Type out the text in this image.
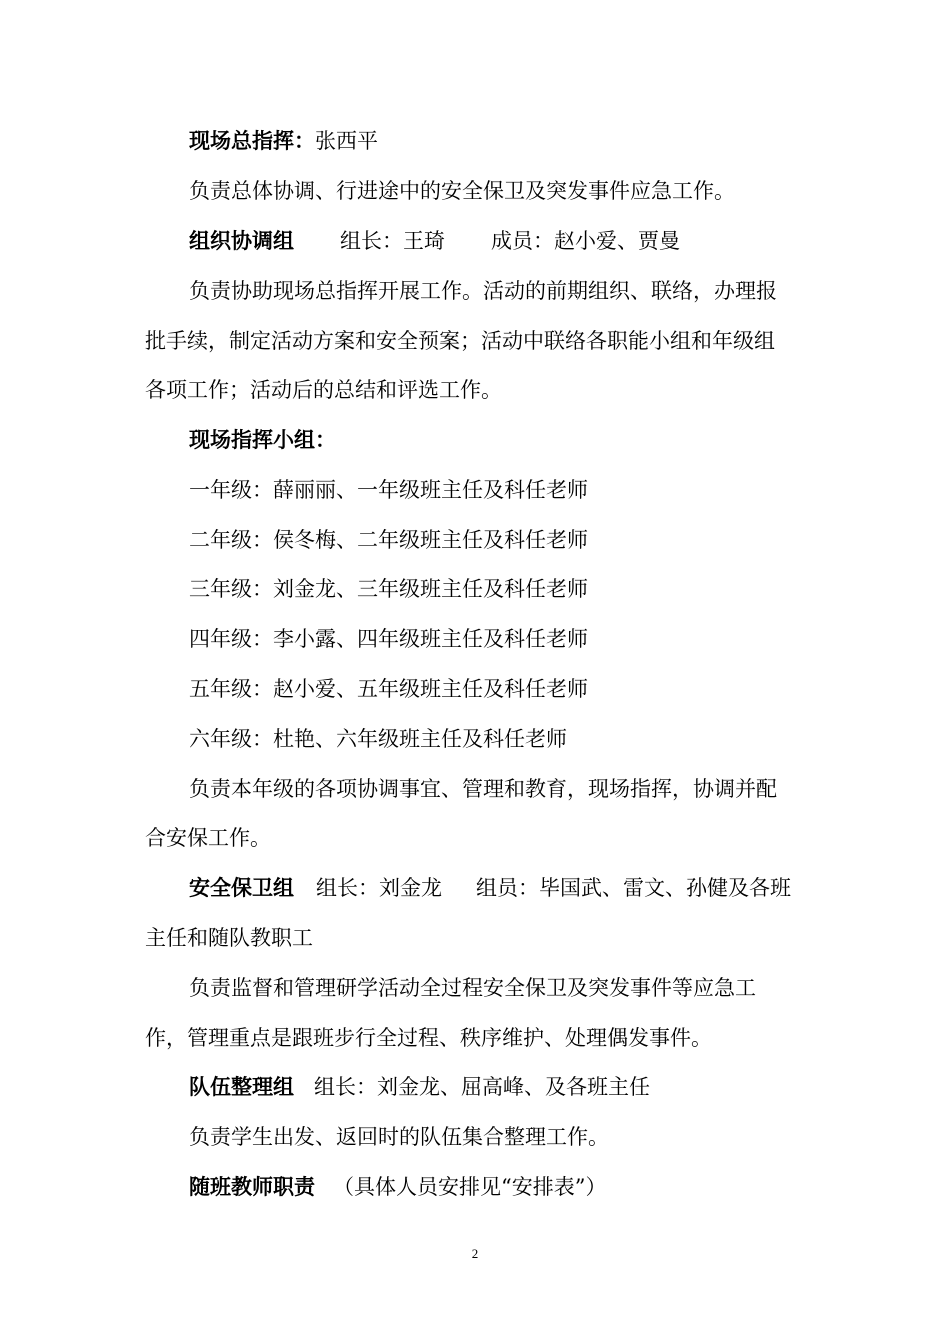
现场总指挥：张西平
负责总体协调、行进途中的安全保卫及突发事件应急工作。
组织协调组 组长：王琦 成员：赵小爱、贾曼
负责协助现场总指挥开展工作。活动的前期组织、联络，办理报
批手续，制定活动方案和安全预案；活动中联络各职能小组和年级组
各项工作；活动后的总结和评选工作。
现场指挥小组：
一年级：薛丽丽、一年级班主任及科任老师
二年级：侯冬梅、二年级班主任及科任老师
三年级：刘金龙、三年级班主任及科任老师
四年级：李小露、四年级班主任及科任老师
五年级：赵小爱、五年级班主任及科任老师
六年级：杜艳、六年级班主任及科任老师
负责本年级的各项协调事宜、管理和教育，现场指挥，协调并配
合安保工作。
安全保卫组 组长：刘金龙 组员：毕国武、雷文、孙健及各班
主任和随队教职工
负责监督和管理研学活动全过程安全保卫及突发事件等应急工
作，管理重点是跟班步行全过程、秩序维护、处理偶发事件。
队伍整理组 组长：刘金龙、屈高峰、及各班主任
负责学生出发、返回时的队伍集合整理工作。
随班教师职责 （具体人员安排见“安排表”）
2
